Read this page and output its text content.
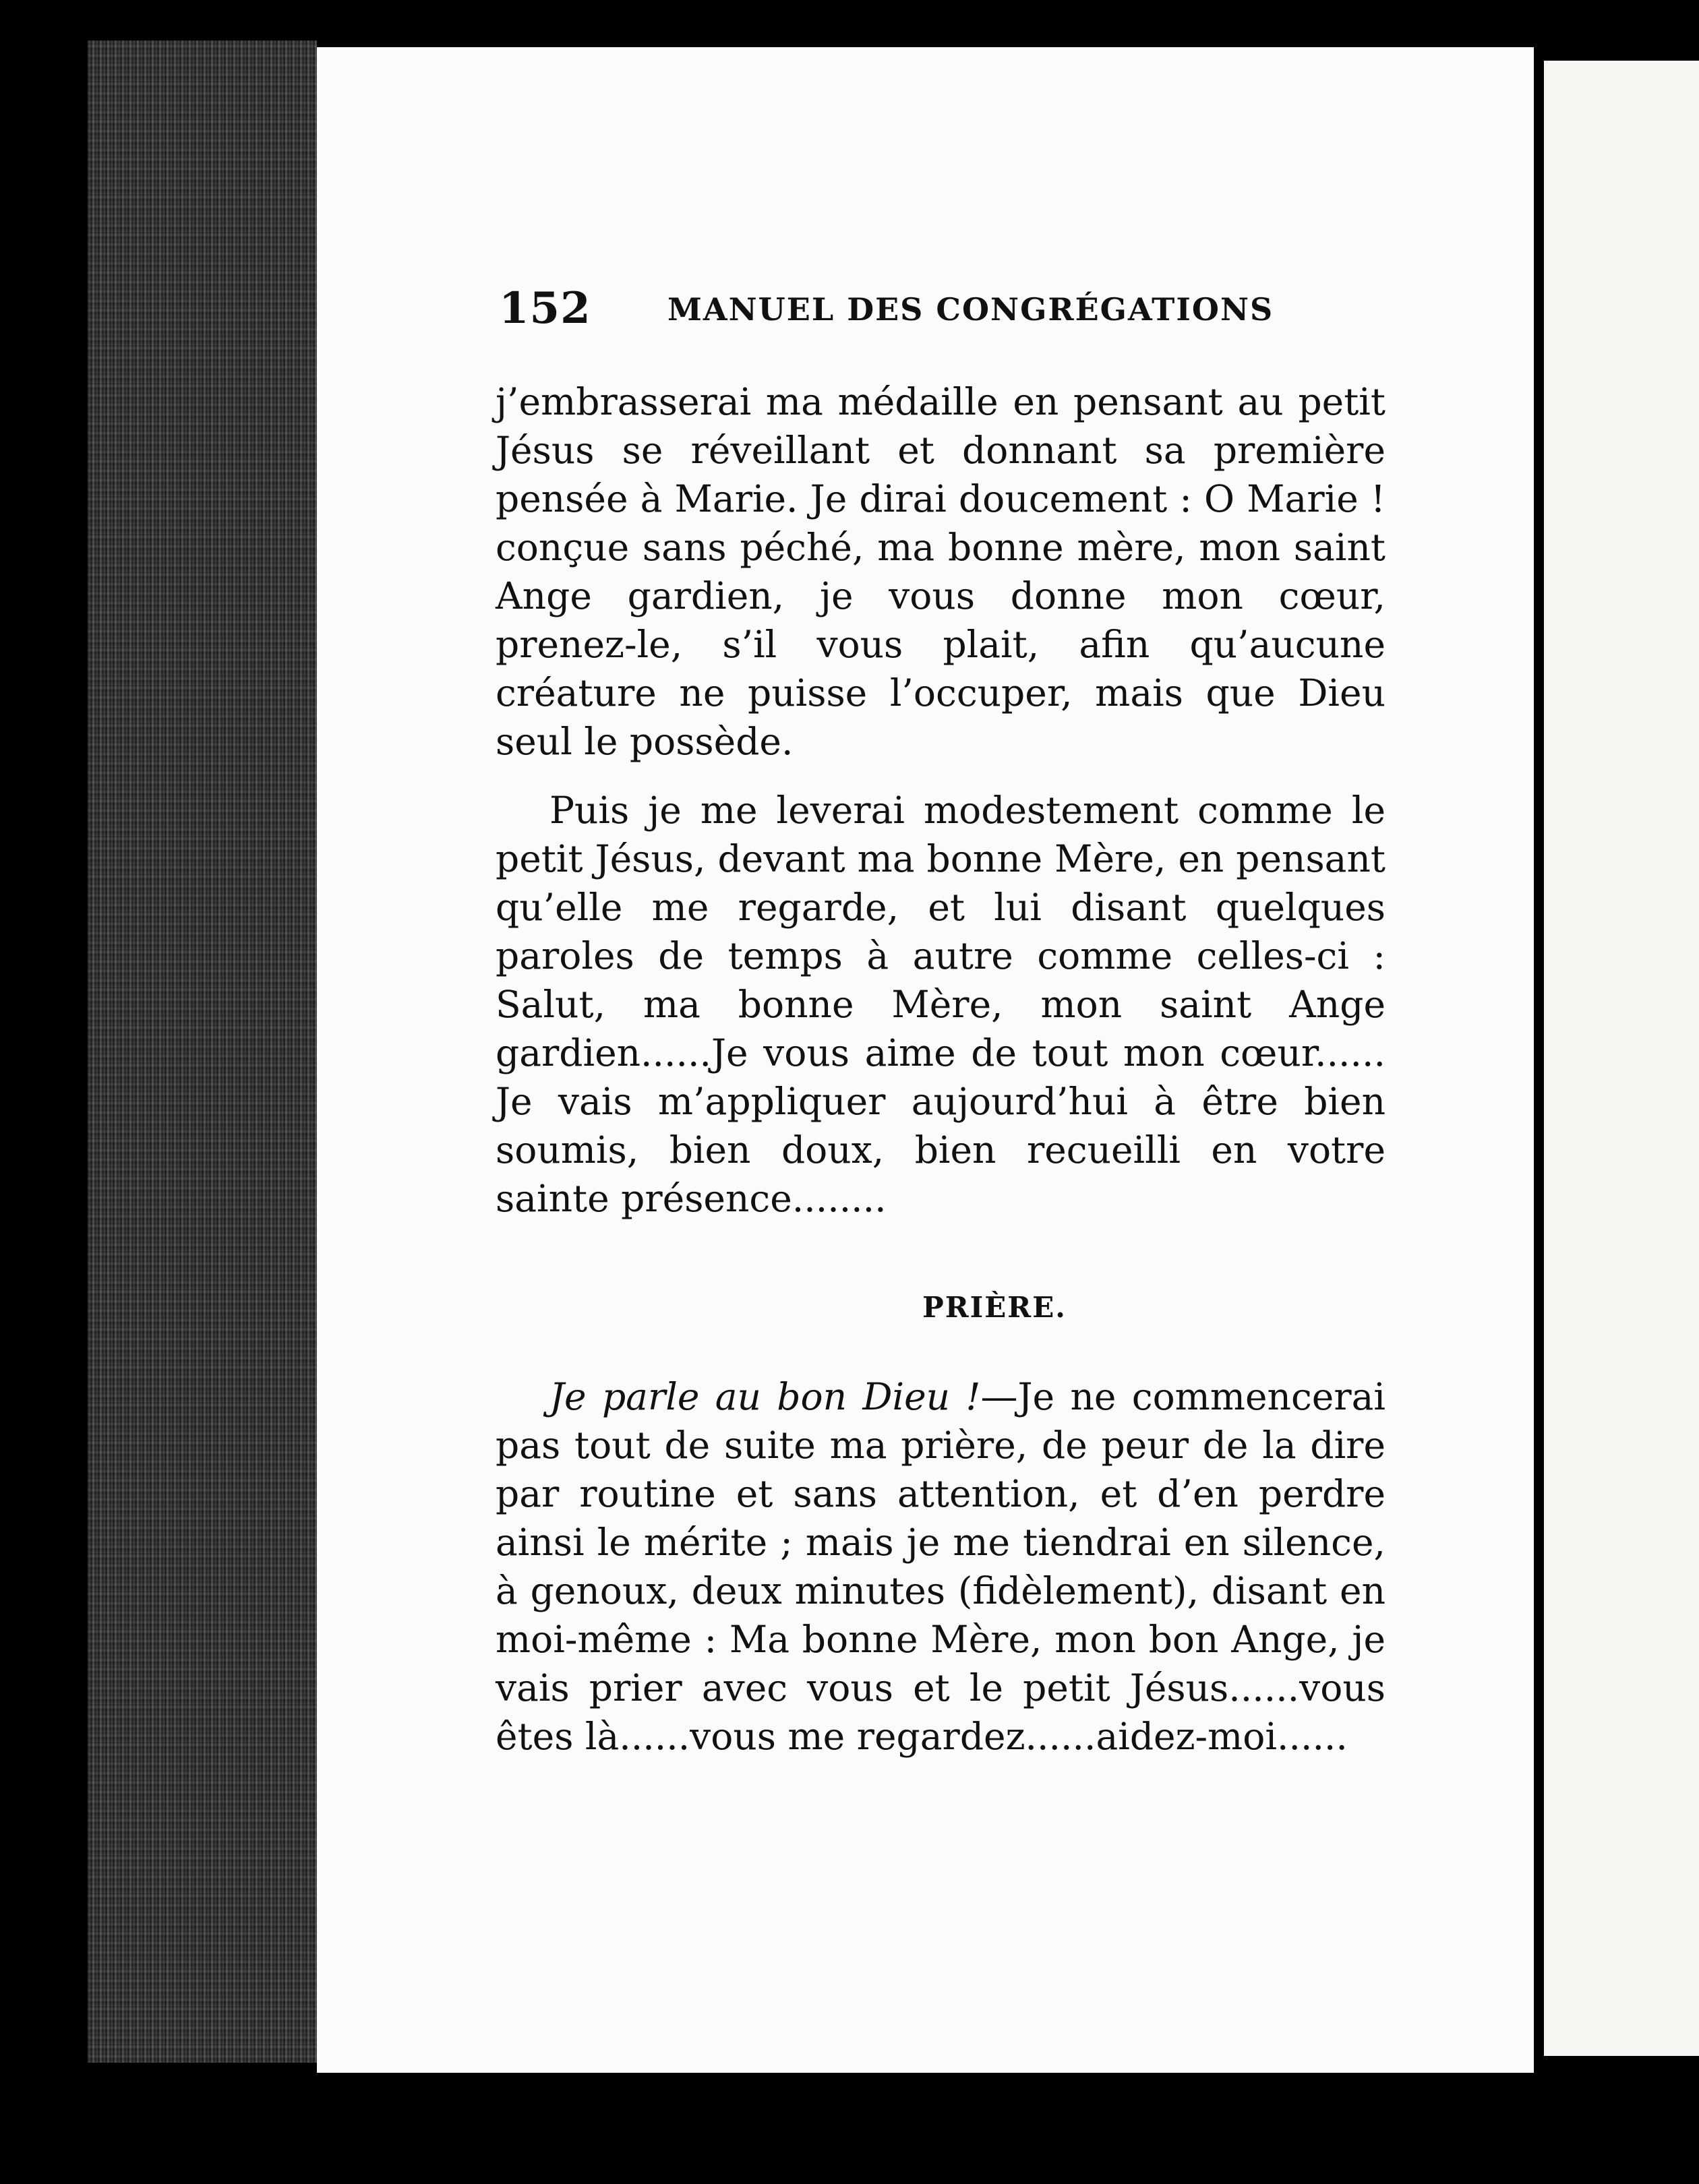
152 MANUEL DES CONGRÉGATIONS

j’embrasserai ma médaille en pensant au petit Jésus se réveillant et donnant sa première pensée à Marie. Je dirai doucement : O Marie ! conçue sans péché, ma bonne mère, mon saint Ange gardien, je vous donne mon cœur, prenez-le, s’il vous plait, afin qu’aucune créature ne puisse l’occuper, mais que Dieu seul le possède.

Puis je me leverai modestement comme le petit Jésus, devant ma bonne Mère, en pensant qu’elle me regarde, et lui disant quelques paroles de temps à autre comme celles-ci : Salut, ma bonne Mère, mon saint Ange gardien......Je vous aime de tout mon cœur...... Je vais m’appliquer aujourd’hui à être bien soumis, bien doux, bien recueilli en votre sainte présence........

PRIÈRE.

Je parle au bon Dieu !—Je ne commencerai pas tout de suite ma prière, de peur de la dire par routine et sans attention, et d’en perdre ainsi le mérite ; mais je me tiendrai en silence, à genoux, deux minutes (fidèlement), disant en moi-même : Ma bonne Mère, mon bon Ange, je vais prier avec vous et le petit Jésus......vous êtes là......vous me regardez......aidez-moi......
